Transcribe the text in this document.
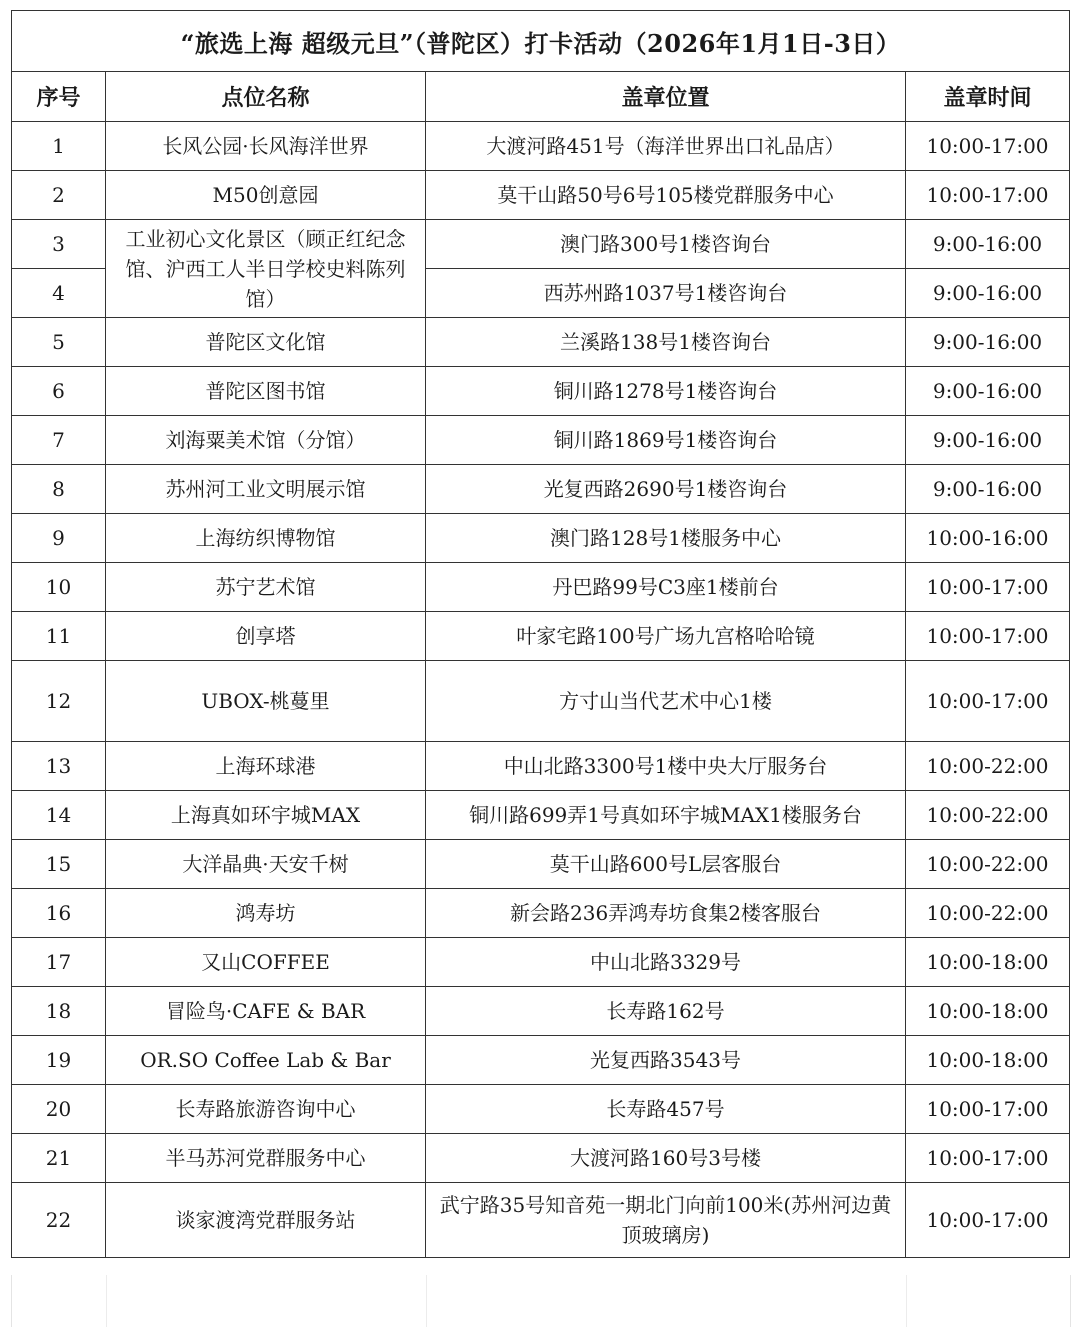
“旅选上海 超级元旦”（普陀区）打卡活动（2026年1月1日-3日）			
序号	点位名称	盖章位置	盖章时间
1	长风公园·长风海洋世界	大渡河路451号（海洋世界出口礼品店）	10:00-17:00
2	M50创意园	莫干山路50号6号105楼党群服务中心	10:00-17:00
3	工业初心文化景区（顾正红纪念馆、沪西工人半日学校史料陈列馆）	澳门路300号1楼咨询台	9:00-16:00
4		西苏州路1037号1楼咨询台	9:00-16:00
5	普陀区文化馆	兰溪路138号1楼咨询台	9:00-16:00
6	普陀区图书馆	铜川路1278号1楼咨询台	9:00-16:00
7	刘海粟美术馆（分馆）	铜川路1869号1楼咨询台	9:00-16:00
8	苏州河工业文明展示馆	光复西路2690号1楼咨询台	9:00-16:00
9	上海纺织博物馆	澳门路128号1楼服务中心	10:00-16:00
10	苏宁艺术馆	丹巴路99号C3座1楼前台	10:00-17:00
11	创享塔	叶家宅路100号广场九宫格哈哈镜	10:00-17:00
12	UBOX-桃蔓里	方寸山当代艺术中心1楼	10:00-17:00
13	上海环球港	中山北路3300号1楼中央大厅服务台	10:00-22:00
14	上海真如环宇城MAX	铜川路699弄1号真如环宇城MAX1楼服务台	10:00-22:00
15	大洋晶典·天安千树	莫干山路600号L层客服台	10:00-22:00
16	鸿寿坊	新会路236弄鸿寿坊食集2楼客服台	10:00-22:00
17	又山COFFEE	中山北路3329号	10:00-18:00
18	冒险鸟·CAFE & BAR	长寿路162号	10:00-18:00
19	OR.SO Coffee Lab & Bar	光复西路3543号	10:00-18:00
20	长寿路旅游咨询中心	长寿路457号	10:00-17:00
21	半马苏河党群服务中心	大渡河路160号3号楼	10:00-17:00
22	谈家渡湾党群服务站	武宁路35号知音苑一期北门向前100米(苏州河边黄顶玻璃房)	10:00-17:00
